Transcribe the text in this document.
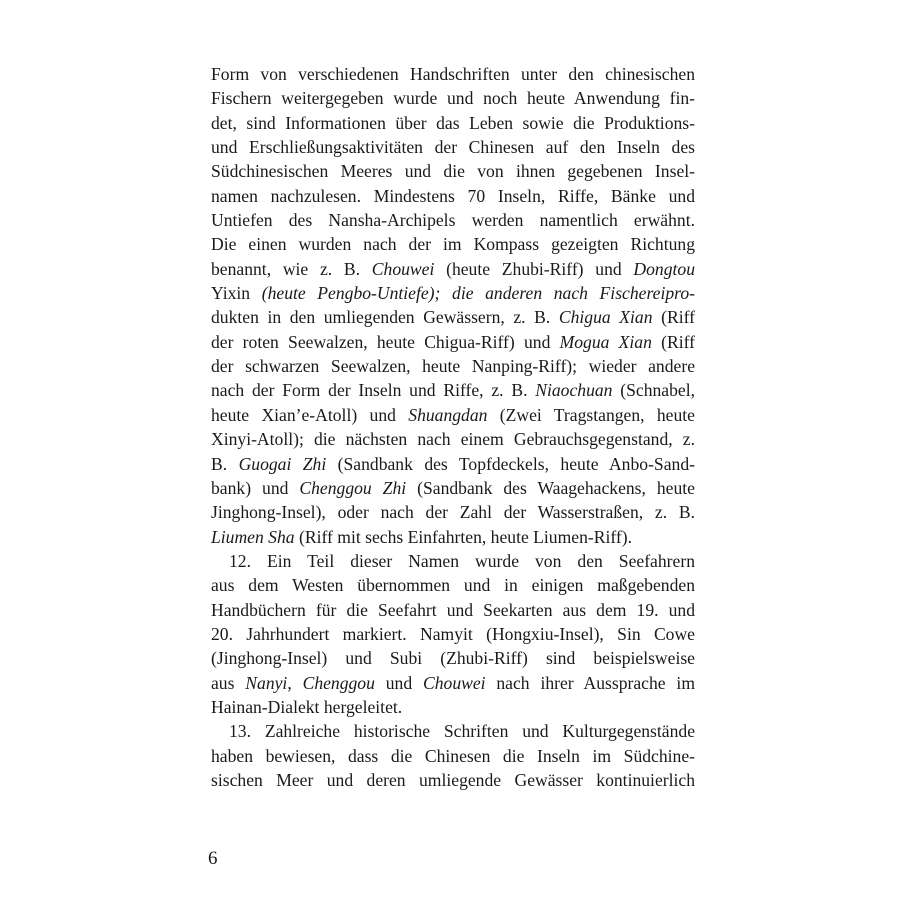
Form von verschiedenen Handschriften unter den chinesischen
Fischern weitergegeben wurde und noch heute Anwendung fin-
det, sind Informationen über das Leben sowie die Produktions-
und Erschließungsaktivitäten der Chinesen auf den Inseln des
Südchinesischen Meeres und die von ihnen gegebenen Insel-
namen nachzulesen. Mindestens 70 Inseln, Riffe, Bänke und
Untiefen des Nansha-Archipels werden namentlich erwähnt.
Die einen wurden nach der im Kompass gezeigten Richtung
benannt, wie z. B. Chouwei (heute Zhubi-Riff) und Dongtou
Yixin (heute Pengbo-Untiefe); die anderen nach Fischereipro-
dukten in den umliegenden Gewässern, z. B. Chigua Xian (Riff
der roten Seewalzen, heute Chigua-Riff) und Mogua Xian (Riff
der schwarzen Seewalzen, heute Nanping-Riff); wieder andere
nach der Form der Inseln und Riffe, z. B. Niaochuan (Schnabel,
heute Xian’e-Atoll) und Shuangdan (Zwei Tragstangen, heute
Xinyi-Atoll); die nächsten nach einem Gebrauchsgegenstand, z.
B. Guogai Zhi (Sandbank des Topfdeckels, heute Anbo-Sand-
bank) und Chenggou Zhi (Sandbank des Waagehackens, heute
Jinghong-Insel), oder nach der Zahl der Wasserstraßen, z. B.
Liumen Sha (Riff mit sechs Einfahrten, heute Liumen-Riff).
12. Ein Teil dieser Namen wurde von den Seefahrern
aus dem Westen übernommen und in einigen maßgebenden
Handbüchern für die Seefahrt und Seekarten aus dem 19. und
20. Jahrhundert markiert. Namyit (Hongxiu-Insel), Sin Cowe
(Jinghong-Insel) und Subi (Zhubi-Riff) sind beispielsweise
aus Nanyi, Chenggou und Chouwei nach ihrer Aussprache im
Hainan-Dialekt hergeleitet.
13. Zahlreiche historische Schriften und Kulturgegenstände
haben bewiesen, dass die Chinesen die Inseln im Südchine-
sischen Meer und deren umliegende Gewässer kontinuierlich
6
